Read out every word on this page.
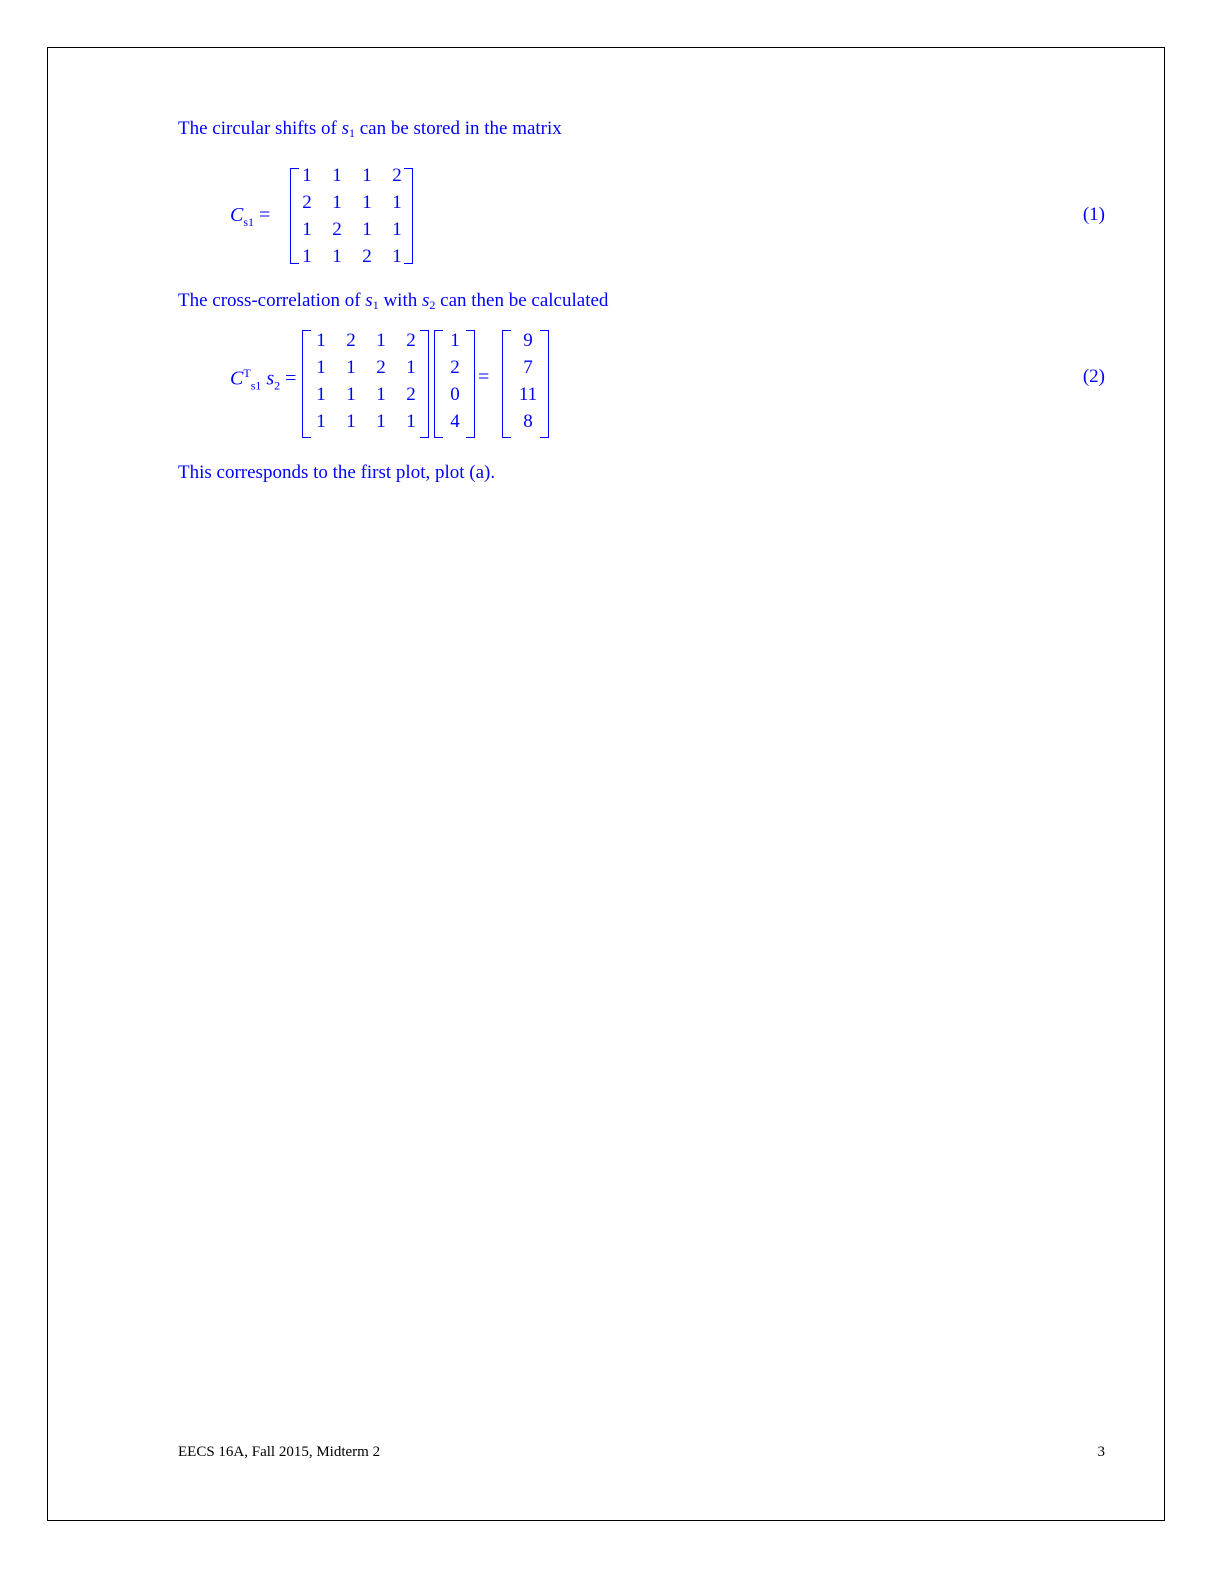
The circular shifts of s1 can be stored in the matrix
$C_{s1}$ =
1	1	1	2
2	1	1	1
1	2	1	1
1	1	2	1
(1)
The cross-correlation of s1 with s2 can then be calculated
$C^T_{s1}$ $s_2$ =
1	2	1	2
1	1	2	1
1	1	1	2
1	1	1	1
1
2
0
4
=
9
7
11
8
(2)
This corresponds to the first plot, plot (a).
EECS 16A, Fall 2015, Midterm 2	3
